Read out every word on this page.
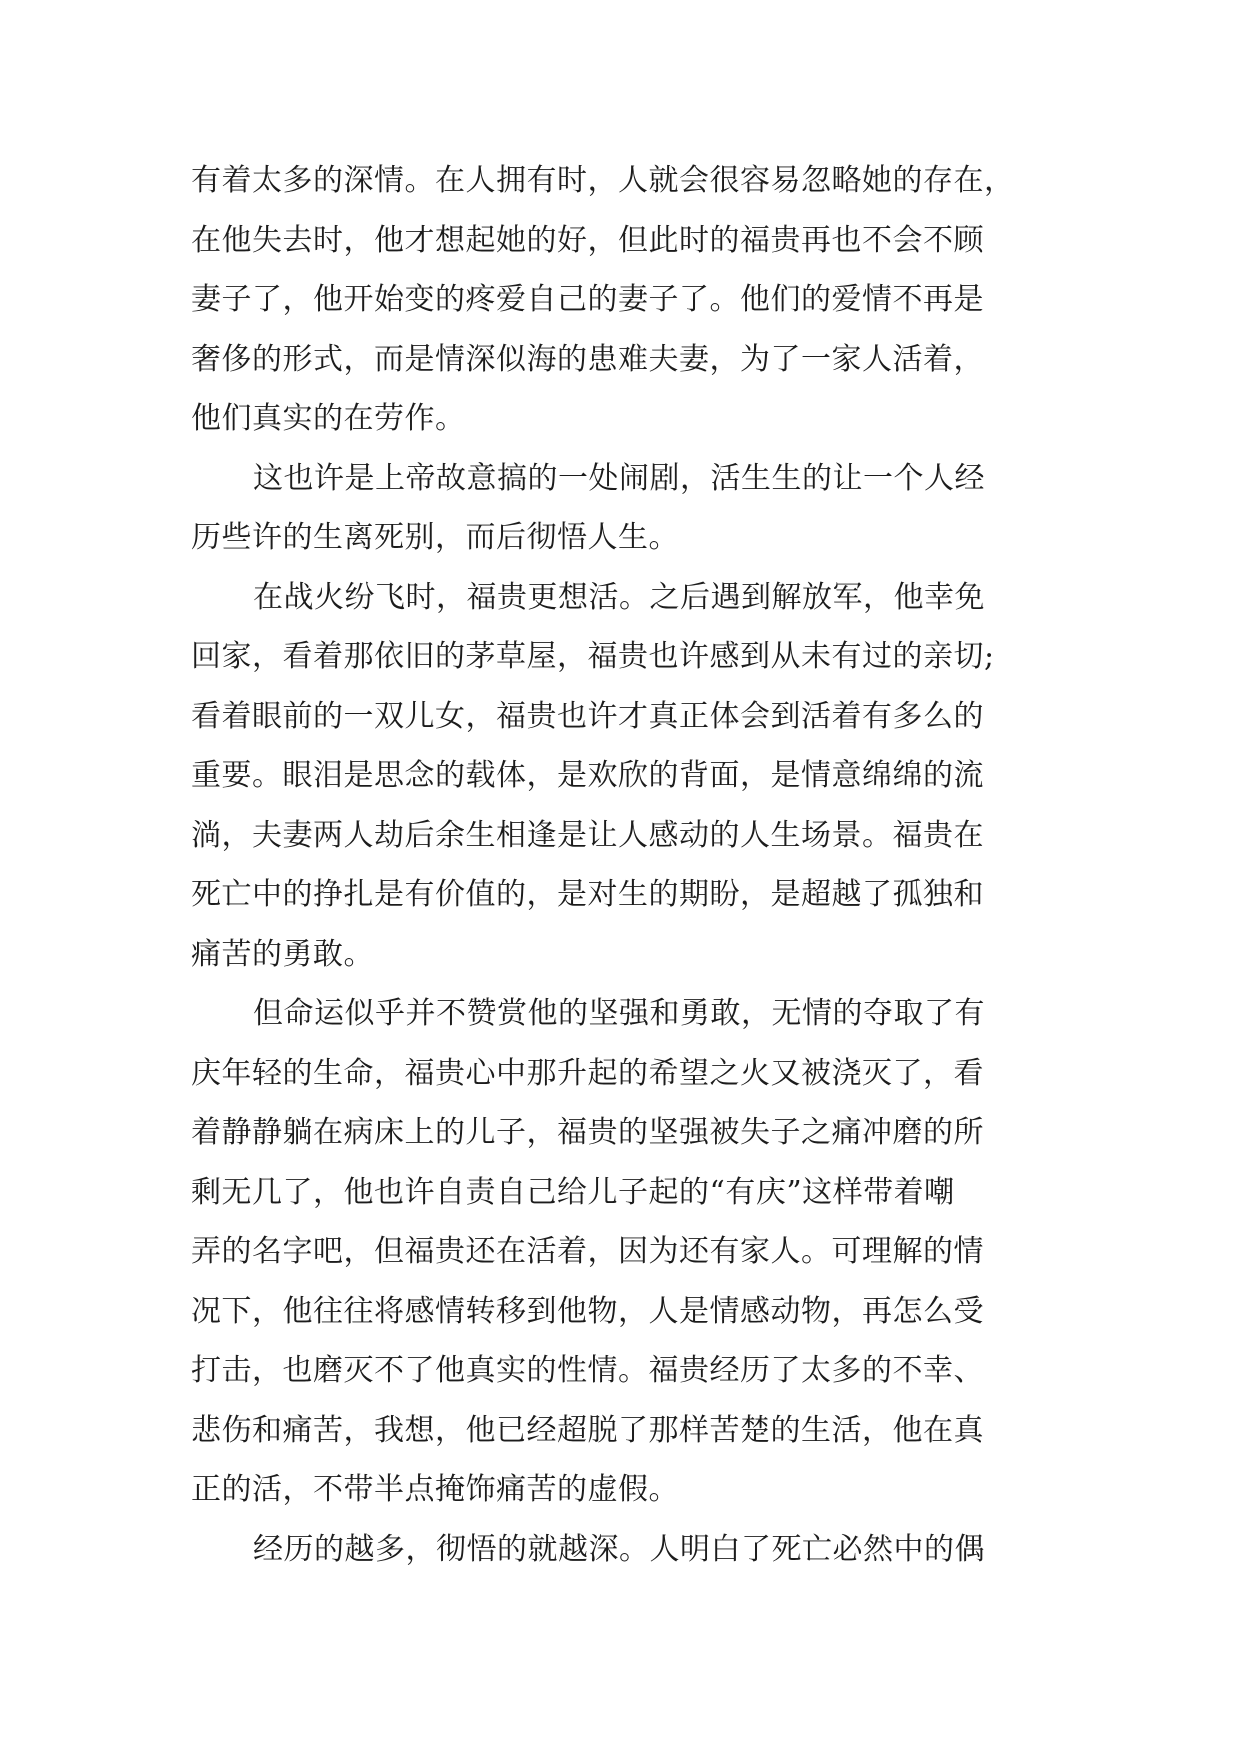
有着太多的深情。在人拥有时，人就会很容易忽略她的存在，
在他失去时，他才想起她的好，但此时的福贵再也不会不顾
妻子了，他开始变的疼爱自己的妻子了。他们的爱情不再是
奢侈的形式，而是情深似海的患难夫妻，为了一家人活着，
他们真实的在劳作。
这也许是上帝故意搞的一处闹剧，活生生的让一个人经
历些许的生离死别，而后彻悟人生。
在战火纷飞时，福贵更想活。之后遇到解放军，他幸免
回家，看着那依旧的茅草屋，福贵也许感到从未有过的亲切;
看着眼前的一双儿女，福贵也许才真正体会到活着有多么的
重要。眼泪是思念的载体，是欢欣的背面，是情意绵绵的流
淌，夫妻两人劫后余生相逢是让人感动的人生场景。福贵在
死亡中的挣扎是有价值的，是对生的期盼，是超越了孤独和
痛苦的勇敢。
但命运似乎并不赞赏他的坚强和勇敢，无情的夺取了有
庆年轻的生命，福贵心中那升起的希望之火又被浇灭了，看
着静静躺在病床上的儿子，福贵的坚强被失子之痛冲磨的所
剩无几了，他也许自责自己给儿子起的“有庆”这样带着嘲
弄的名字吧，但福贵还在活着，因为还有家人。可理解的情
况下，他往往将感情转移到他物，人是情感动物，再怎么受
打击，也磨灭不了他真实的性情。福贵经历了太多的不幸、
悲伤和痛苦，我想，他已经超脱了那样苦楚的生活，他在真
正的活，不带半点掩饰痛苦的虚假。
经历的越多，彻悟的就越深。人明白了死亡必然中的偶
